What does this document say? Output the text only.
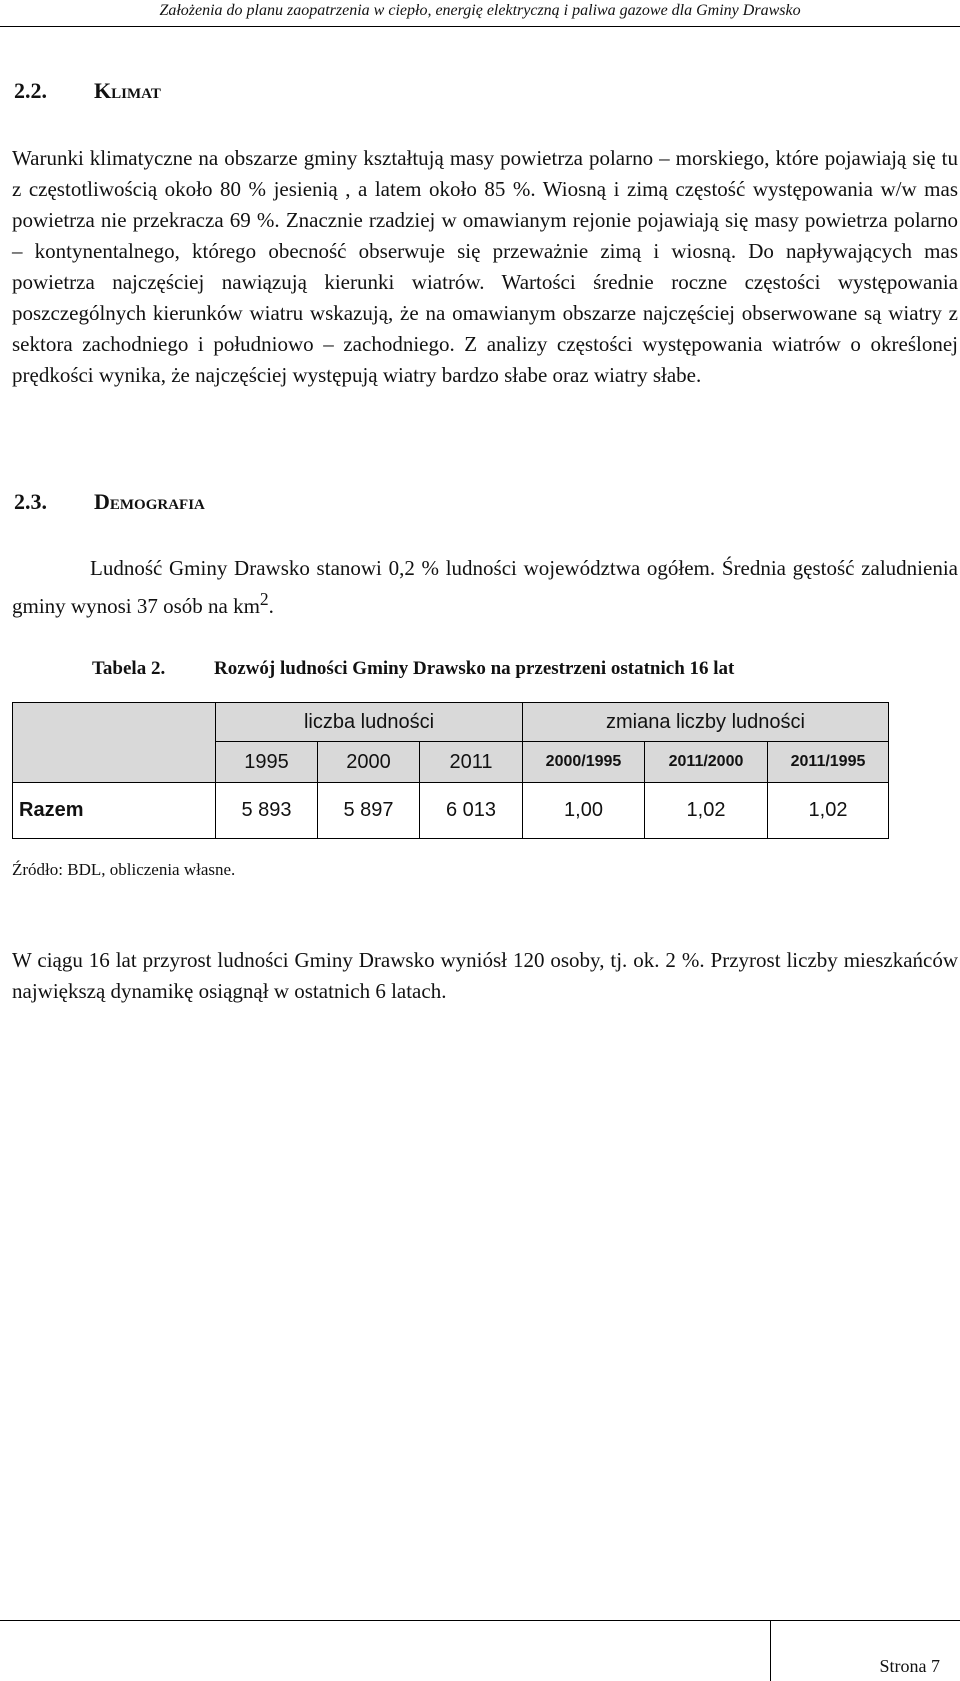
Założenia do planu zaopatrzenia w ciepło, energię elektryczną i paliwa gazowe dla Gminy Drawsko
2.2. Klimat
Warunki klimatyczne na obszarze gminy kształtują masy powietrza polarno – morskiego, które pojawiają się tu z częstotliwością około 80 % jesienią , a latem około 85 %. Wiosną i zimą częstość występowania w/w mas powietrza nie przekracza 69 %. Znacznie rzadziej w omawianym rejonie pojawiają się masy powietrza polarno – kontynentalnego, którego obecność obserwuje się przeważnie zimą i wiosną. Do napływających mas powietrza najczęściej nawiązują kierunki wiatrów. Wartości średnie roczne częstości występowania poszczególnych kierunków wiatru wskazują, że na omawianym obszarze najczęściej obserwowane są wiatry z sektora zachodniego i południowo – zachodniego. Z analizy częstości występowania wiatrów o określonej prędkości wynika, że najczęściej występują wiatry bardzo słabe oraz wiatry słabe.
2.3. Demografia
Ludność Gminy Drawsko stanowi 0,2 % ludności województwa ogółem. Średnia gęstość zaludnienia gminy wynosi 37 osób na $km^2$.
Tabela 2.	Rozwój ludności Gminy Drawsko na przestrzeni ostatnich 16 lat
	liczba ludności			zmiana liczby ludności		
	1995	2000	2011	2000/1995	2011/2000	2011/1995
Razem	5 893	5 897	6 013	1,00	1,02	1,02
Źródło: BDL, obliczenia własne.
W ciągu 16 lat przyrost ludności Gminy Drawsko wyniósł 120 osoby, tj. ok. 2 %. Przyrost liczby mieszkańców największą dynamikę osiągnął w ostatnich 6 latach.
Strona 7
